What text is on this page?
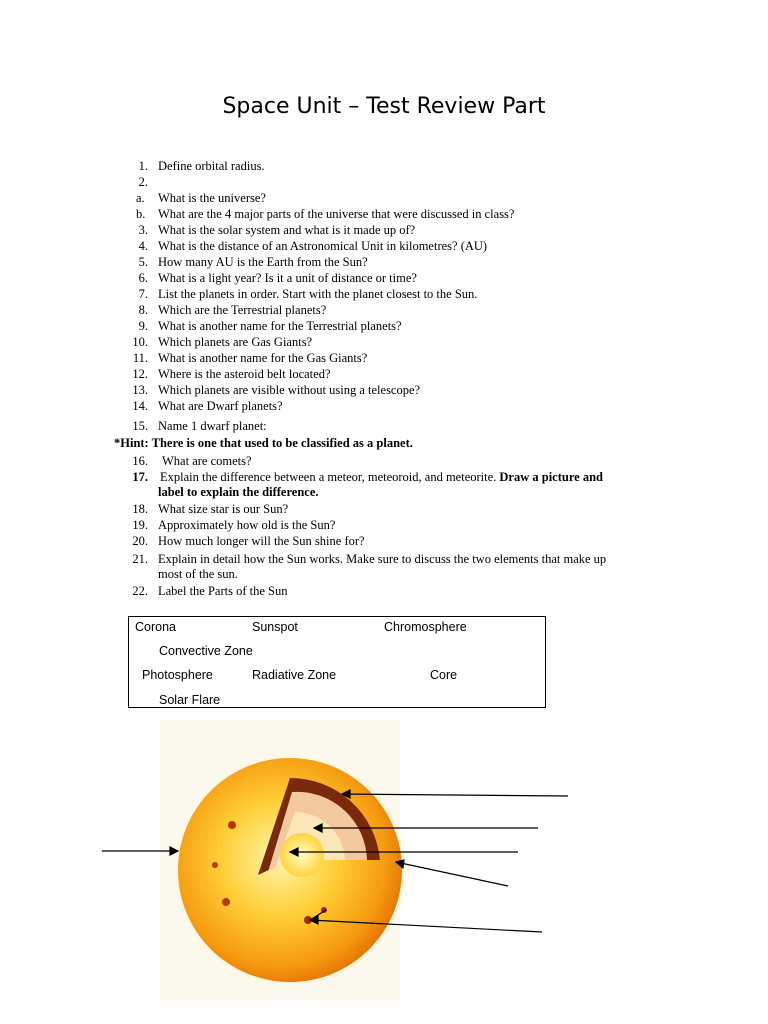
Space Unit – Test Review Part
1. Define orbital radius.
2.
a. What is the universe?
b. What are the 4 major parts of the universe that were discussed in class?
3. What is the solar system and what is it made up of?
4. What is the distance of an Astronomical Unit in kilometres? (AU)
5. How many AU is the Earth from the Sun?
6. What is a light year? Is it a unit of distance or time?
7. List the planets in order. Start with the planet closest to the Sun.
8. Which are the Terrestrial planets?
9. What is another name for the Terrestrial planets?
10. Which planets are Gas Giants?
11. What is another name for the Gas Giants?
12. Where is the asteroid belt located?
13. Which planets are visible without using a telescope?
14. What are Dwarf planets?
15. Name 1 dwarf planet:
*Hint: There is one that used to be classified as a planet.
16. What are comets?
17. Explain the difference between a meteor, meteoroid, and meteorite. Draw a picture and
label to explain the difference.
18. What size star is our Sun?
19. Approximately how old is the Sun?
20. How much longer will the Sun shine for?
21. Explain in detail how the Sun works. Make sure to discuss the two elements that make up
most of the sun.
22. Label the Parts of the Sun
Corona	Sunspot	Chromosphere
Convective Zone
Photosphere	Radiative Zone	Core
Solar Flare
